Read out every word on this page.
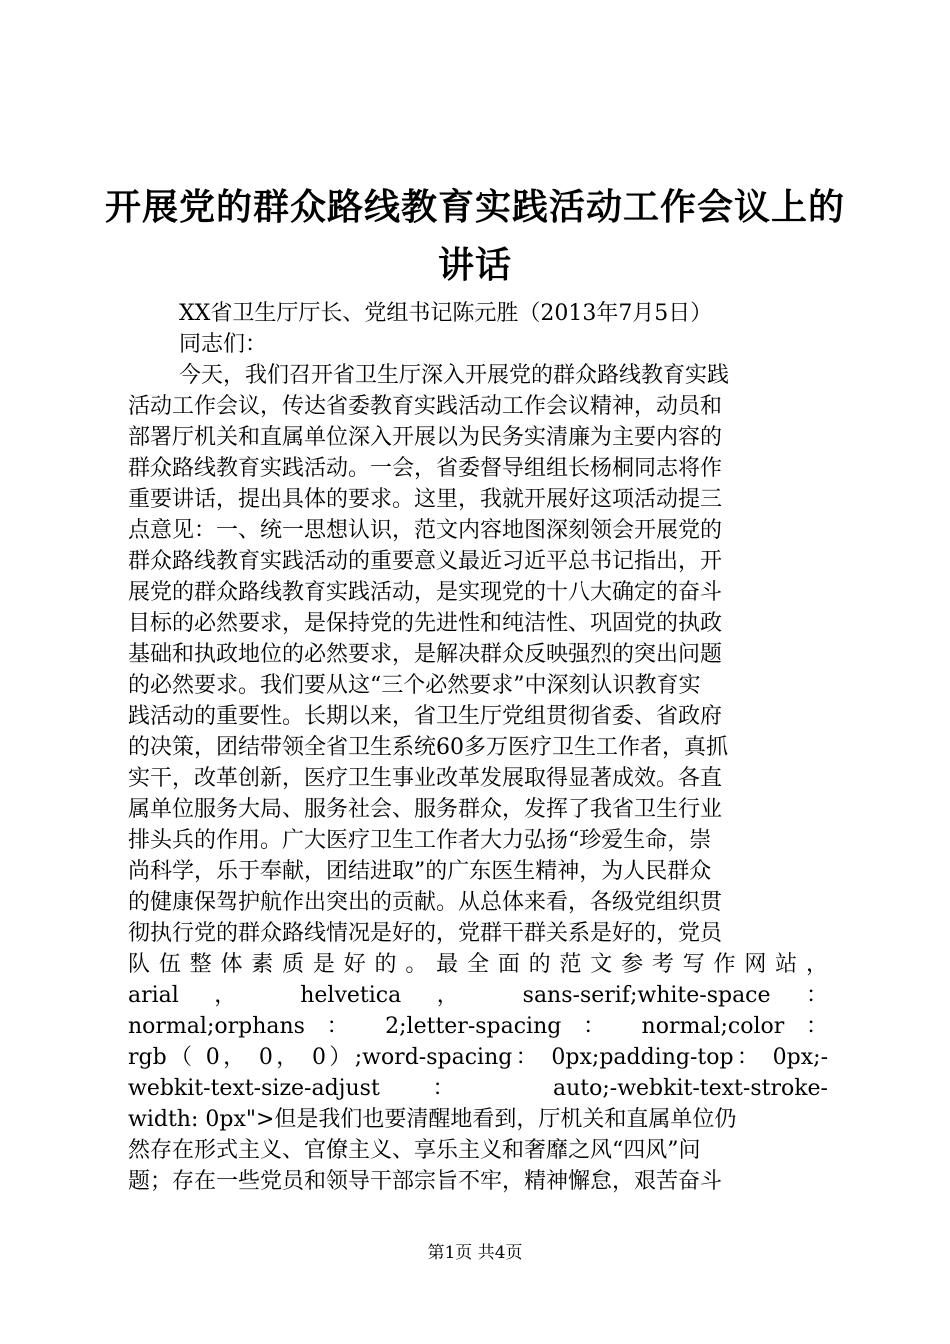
开展党的群众路线教育实践活动工作会议上的
讲话
XX省卫生厅厅长、党组书记陈元胜（2013年7月5日）
同志们：
今天，我们召开省卫生厅深入开展党的群众路线教育实践
活动工作会议，传达省委教育实践活动工作会议精神，动员和
部署厅机关和直属单位深入开展以为民务实清廉为主要内容的
群众路线教育实践活动。一会，省委督导组组长杨桐同志将作
重要讲话，提出具体的要求。这里，我就开展好这项活动提三
点意见：一、统一思想认识，范文内容地图深刻领会开展党的
群众路线教育实践活动的重要意义最近习近平总书记指出，开
展党的群众路线教育实践活动，是实现党的十八大确定的奋斗
目标的必然要求，是保持党的先进性和纯洁性、巩固党的执政
基础和执政地位的必然要求，是解决群众反映强烈的突出问题
的必然要求。我们要从这“三个必然要求”中深刻认识教育实
践活动的重要性。长期以来，省卫生厅党组贯彻省委、省政府
的决策，团结带领全省卫生系统60多万医疗卫生工作者，真抓
实干，改革创新，医疗卫生事业改革发展取得显著成效。各直
属单位服务大局、服务社会、服务群众，发挥了我省卫生行业
排头兵的作用。广大医疗卫生工作者大力弘扬“珍爱生命，崇
尚科学，乐于奉献，团结进取”的广东医生精神，为人民群众
的健康保驾护航作出突出的贡献。从总体来看，各级党组织贯
彻执行党的群众路线情况是好的，党群干群关系是好的，党员
队 伍 整 体 素 质 是 好 的 。 最 全 面 的 范 文 参 考 写 作 网 站 ，
arial ， helvetica ， sans-serif;white-space ：
normal;orphans ： 2;letter-spacing ： normal;color ：
rgb（ 0， 0， 0）;word-spacing： 0px;padding-top： 0px;-
webkit-text-size-adjust ： auto;-webkit-text-stroke-
width: 0px">但是我们也要清醒地看到，厅机关和直属单位仍
然存在形式主义、官僚主义、享乐主义和奢靡之风“四风”问
题；存在一些党员和领导干部宗旨不牢，精神懈怠，艰苦奋斗
第1页 共4页
